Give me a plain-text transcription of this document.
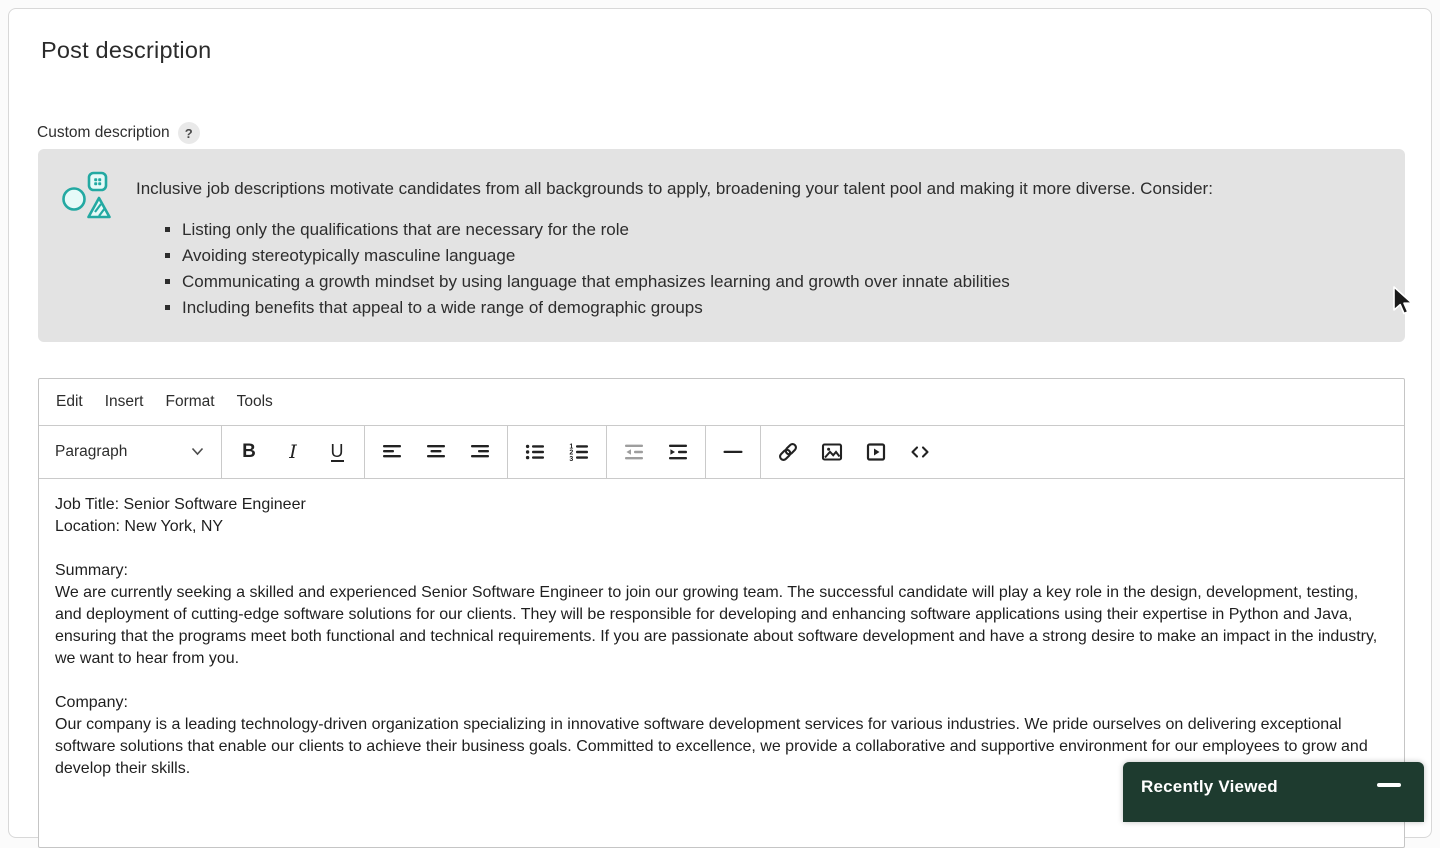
Post description
Custom description	?

Inclusive job descriptions motivate candidates from all backgrounds to apply, broadening your talent pool and making it more diverse. Consider:

▪ Listing only the qualifications that are necessary for the role
▪ Avoiding stereotypically masculine language
▪ Communicating a growth mindset by using language that emphasizes learning and growth over innate abilities
▪ Including benefits that appeal to a wide range of demographic groups
Edit	Insert	Format	Tools
Paragraph	B I U	1
2
3
Job Title: Senior Software Engineer
Location: New York, NY
Summary:
We are currently seeking a skilled and experienced Senior Software Engineer to join our growing team. The successful candidate will play a key role in the design, development, testing, and deployment of cutting-edge software solutions for our clients. They will be responsible for developing and enhancing software applications using their expertise in Python and Java, ensuring that the programs meet both functional and technical requirements. If you are passionate about software development and have a strong desire to make an impact in the industry, we want to hear from you.
Company:
Our company is a leading technology-driven organization specializing in innovative software development services for various industries. We pride ourselves on delivering exceptional software solutions that enable our clients to achieve their business goals. Committed to excellence, we provide a collaborative and supportive environment for our employees to grow and develop their skills.
Recently Viewed
